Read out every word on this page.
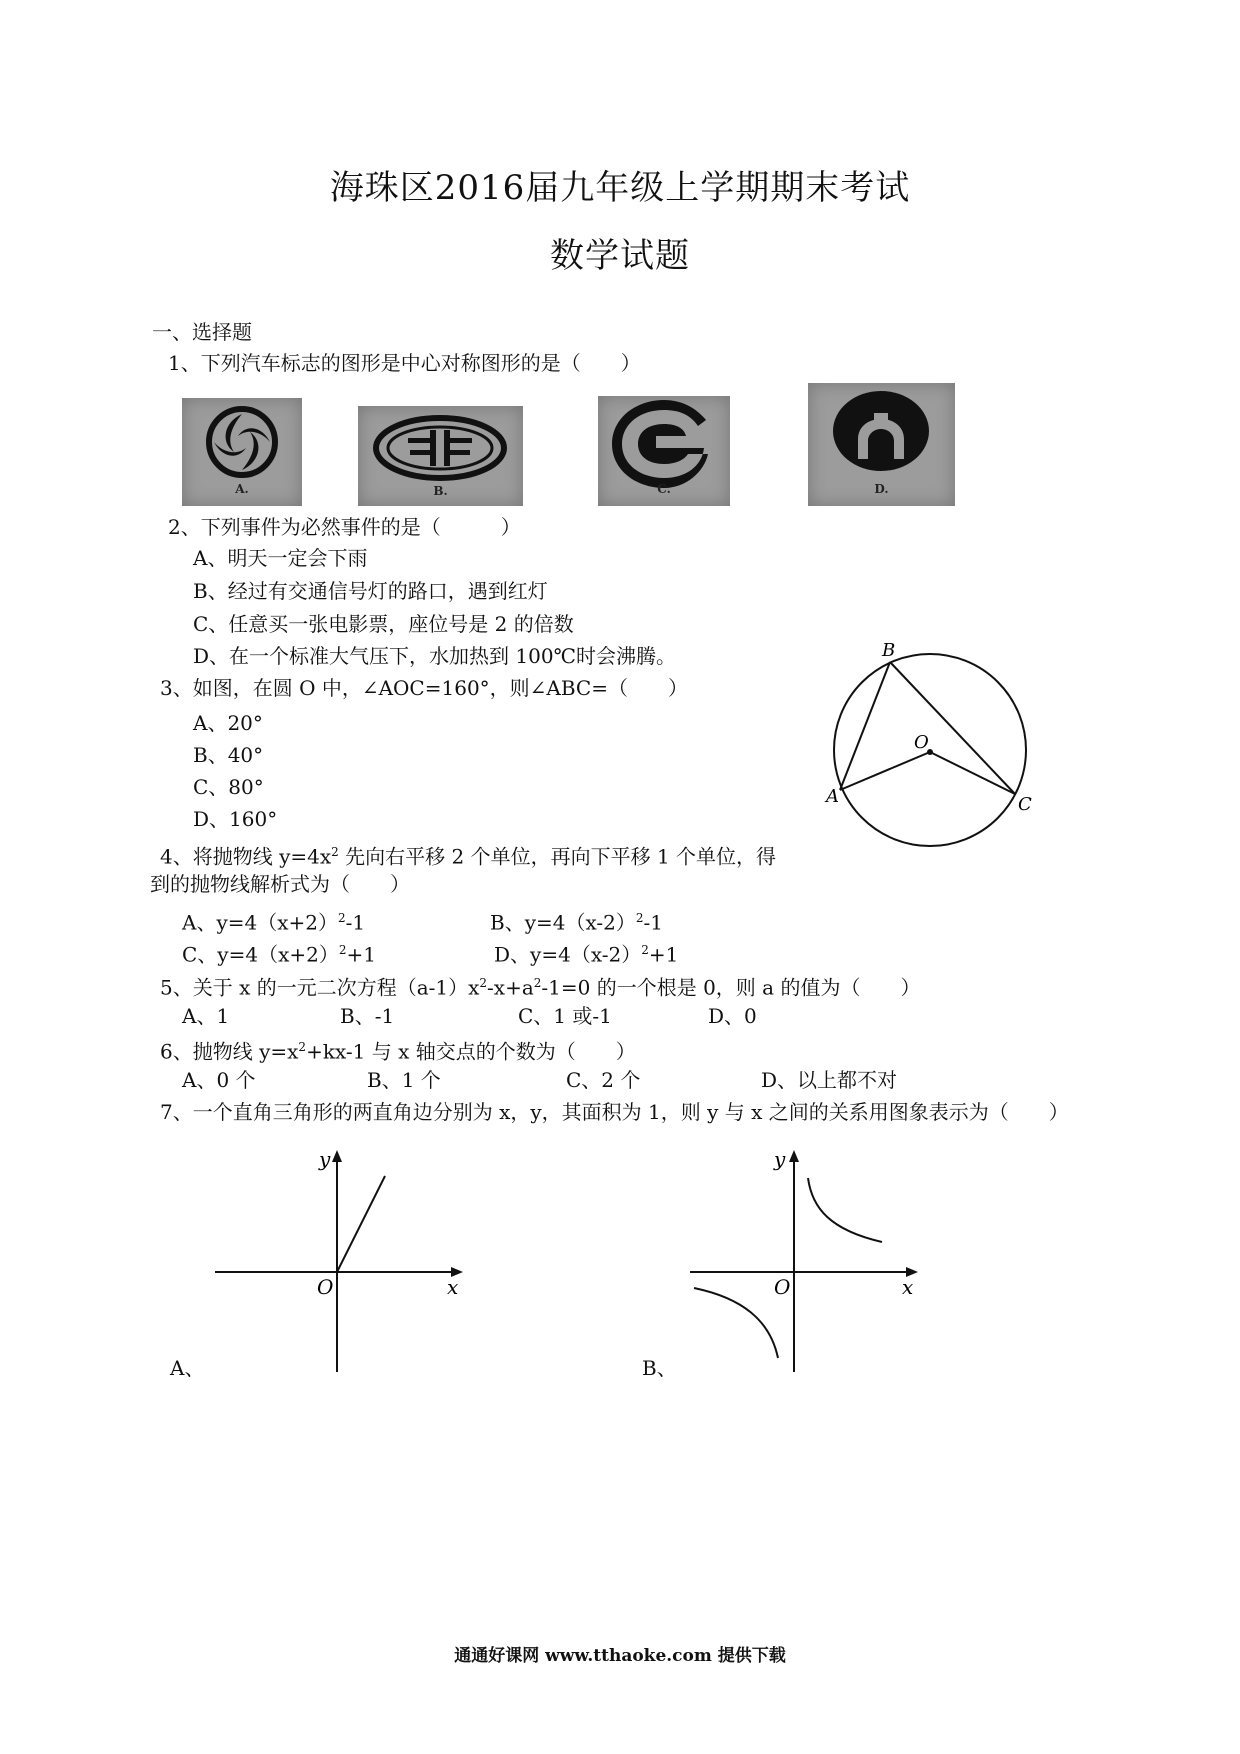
海珠区2016届九年级上学期期末考试
数学试题
一、选择题
1、下列汽车标志的图形是中心对称图形的是（　　）
A.	B.	C.	D.
2、下列事件为必然事件的是（　　　）
A、明天一定会下雨
B、经过有交通信号灯的路口，遇到红灯
C、任意买一张电影票，座位号是 2 的倍数
D、在一个标准大气压下，水加热到 100℃时会沸腾。
3、如图，在圆 O 中，∠AOC=160°，则∠ABC=（　　）
A、20°
B、40°
C、80°
D、160°
B
O
A	C
4、将抛物线 $y=4x^2$ 先向右平移 2 个单位，再向下平移 1 个单位，得
到的抛物线解析式为（　　）
A、$y=4(x+2)^2-1$	B、$y=4(x-2)^2-1$
C、$y=4(x+2)^2+1$	D、$y=4(x-2)^2+1$
5、关于 x 的一元二次方程$(a-1)x^2-x+a^2-1=0$ 的一个根是 0，则 a 的值为（　　）
A、1	B、-1	C、1 或-1	D、0
6、抛物线 $y=x^2+kx-1$ 与 x 轴交点的个数为（　　）
A、0 个	B、1 个	C、2 个	D、以上都不对
7、一个直角三角形的两直角边分别为 x，y，其面积为 1，则 y 与 x 之间的关系用图象表示为（　　）
y
x
O
A、
y
x
O
B、
通通好课网 www.tthaoke.com 提供下载
